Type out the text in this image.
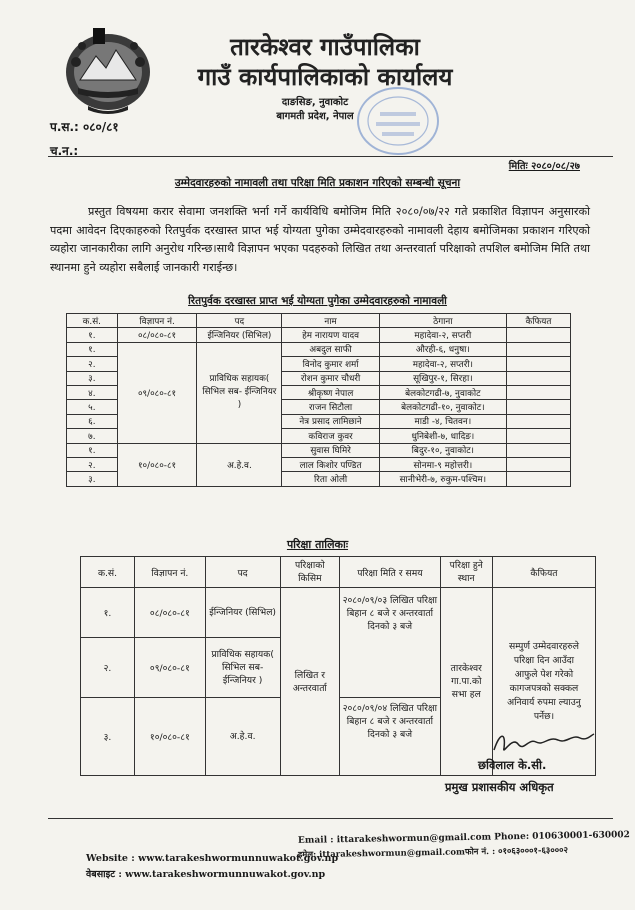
तारकेश्वर गाउँपालिका
गाउँ कार्यपालिकाको कार्यालय
दाङसिङ, नुवाकोट
बागमती प्रदेश, नेपाल
प.स.: ०८०/८१
च.न.:
मितिः २०८०/०८/२७
उम्मेदवारहरुको नामावली तथा परिक्षा मिति प्रकाशन गरिएको सम्बन्धी सूचना
प्रस्तुत विषयमा करार सेवामा जनशक्ति भर्ना गर्ने कार्यविधि बमोजिम मिति २०८०/०७/२२ गते प्रकाशित विज्ञापन अनुसारको पदमा आवेदन दिएकाहरुको रितपुर्वक दरखास्त प्राप्त भई योग्यता पुगेका उम्मेदवारहरुको नामावली देहाय बमोजिमका प्रकाशन गरिएको व्यहोरा जानकारीका लागि अनुरोध गरिन्छ।साथै विज्ञापन भएका पदहरुको लिखित तथा अन्तरवार्ता परिक्षाको तपशिल बमोजिम मिति तथा स्थानमा हुने व्यहोरा सबैलाई जानकारी गराईन्छ।
रितपुर्वक दरखास्त प्राप्त भई योग्यता पुगेका उम्मेदवारहरुको नामावली
क.सं.	विज्ञापन नं.	पद	नाम	ठेगाना	कैफियत
१.	०८/०८०-८१	ईन्जिनियर (सिभिल)	हेम नारायण यादव	महादेवा-२, सप्तरी	
१.	०९/०८०-८१	प्राविधिक सहायक( सिभिल सब- ईन्जिनियर )	अबदुल साफी	औरही-६, धनुषा।	
२.			विनोद कुमार शर्मा	महादेवा-२, सप्तरी।	
३.			रोशन कुमार चौधरी	सूखिपुर-१, सिरहा।	
४.			श्रीकृष्ण नेपाल	बेलकोटगढी-७, नुवाकोट	
५.			राजन सिटौला	बेलकोटगढी-१०, नुवाकोट।	
६.			नेत्र प्रसाद लामिछाने	माडी -४, चितवन।	
७.			कविराज कुवर	धुनिबेशी-७, धादिङ।	
१.	१०/०८०-८१	अ.हे.व.	सुवास घिमिरे	बिदुर-१०, नुवाकोट।	
२.			लाल किशोर पण्डित	सोनमा-९ महोत्तरी।	
३.			रिता ओली	सानीभेरी-७, रुकुम-पश्चिम।	
परिक्षा तालिकाः
क.सं.	विज्ञापन नं.	पद	परिक्षाको किसिम	परिक्षा मिति र समय	परिक्षा हुने स्थान	कैफियत
१.	०८/०८०-८१	ईन्जिनियर (सिभिल)	लिखित र अन्तरवार्ता	२०८०/०९/०३ लिखित परिक्षा बिहान ८ बजे र अन्तरवार्ता दिनको ३ बजे	तारकेश्वर गा.पा.को सभा हल	सम्पुर्ण उम्मेदवारहरुले परिक्षा दिन आउँदा आफुले पेश गरेको कागजपत्रको सक्कल अनिवार्य रुपमा ल्याउनु पर्नेछ।
२.	०९/०८०-८१	प्राविधिक सहायक( सिभिल सब- ईन्जिनियर )				
३.	१०/०८०-८१	अ.हे.व.		२०८०/०९/०४ लिखित परिक्षा बिहान ८ बजे र अन्तरवार्ता दिनको ३ बजे		
छविलाल के.सी.
प्रमुख प्रशासकीय अधिकृत
Email : ittarakeshwormun@gmail.com Phone: 010630001-630002
इमेल: ittarakeshwormun@gmail.comफोन नं. : ०१०६३०००१-६३०००२
Website : www.tarakeshwormunnuwakot.gov.np
वेबसाइट : www.tarakeshwormunnuwakot.gov.np
